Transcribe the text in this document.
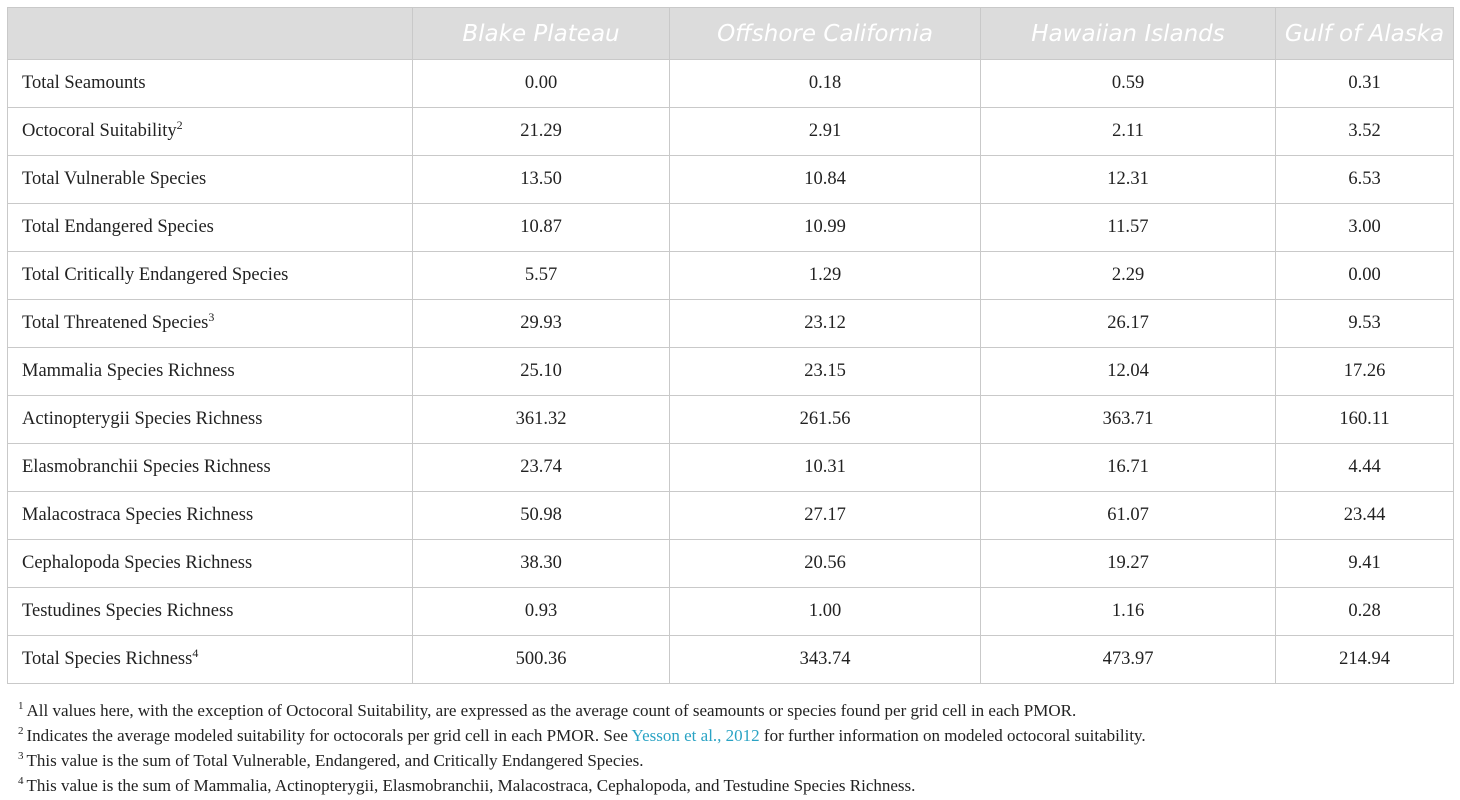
	Blake Plateau	Offshore California	Hawaiian Islands	Gulf of Alaska
Total Seamounts	0.00	0.18	0.59	0.31
Octocoral Suitability$^2$	21.29	2.91	2.11	3.52
Total Vulnerable Species	13.50	10.84	12.31	6.53
Total Endangered Species	10.87	10.99	11.57	3.00
Total Critically Endangered Species	5.57	1.29	2.29	0.00
Total Threatened Species$^3$	29.93	23.12	26.17	9.53
Mammalia Species Richness	25.10	23.15	12.04	17.26
Actinopterygii Species Richness	361.32	261.56	363.71	160.11
Elasmobranchii Species Richness	23.74	10.31	16.71	4.44
Malacostraca Species Richness	50.98	27.17	61.07	23.44
Cephalopoda Species Richness	38.30	20.56	19.27	9.41
Testudines Species Richness	0.93	1.00	1.16	0.28
Total Species Richness$^4$	500.36	343.74	473.97	214.94
$^1$ All values here, with the exception of Octocoral Suitability, are expressed as the average count of seamounts or species found per grid cell in each PMOR.
$^2$ Indicates the average modeled suitability for octocorals per grid cell in each PMOR. See Yesson et al., 2012 for further information on modeled octocoral suitability.
$^3$ This value is the sum of Total Vulnerable, Endangered, and Critically Endangered Species.
$^4$ This value is the sum of Mammalia, Actinopterygii, Elasmobranchii, Malacostraca, Cephalopoda, and Testudine Species Richness.
